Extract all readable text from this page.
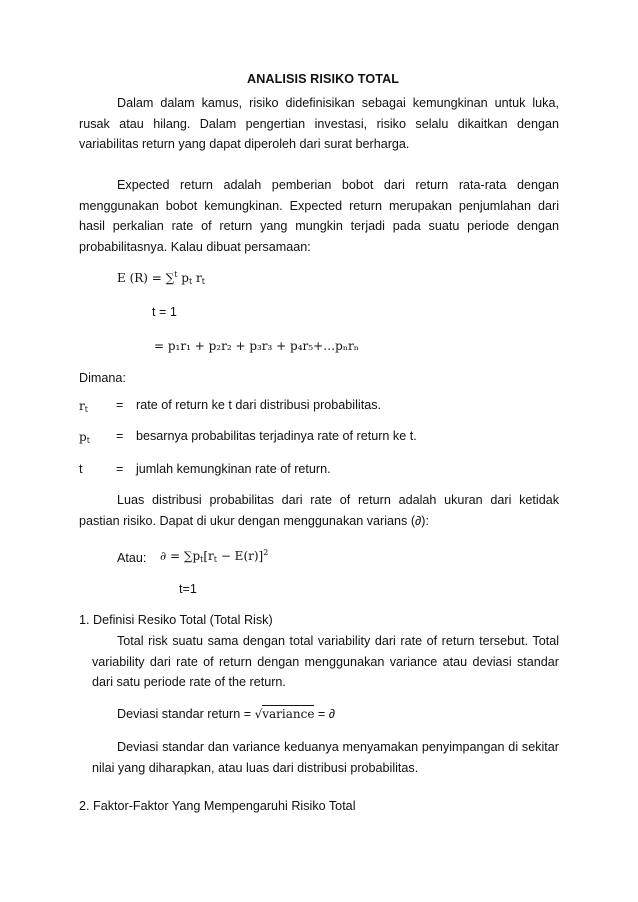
ANALISIS RISIKO TOTAL
Dalam dalam kamus, risiko didefinisikan sebagai kemungkinan untuk luka, rusak atau hilang. Dalam pengertian investasi, risiko selalu dikaitkan dengan variabilitas return yang dapat diperoleh dari surat berharga.
Expected return adalah pemberian bobot dari return rata-rata dengan menggunakan bobot kemungkinan. Expected return merupakan penjumlahan dari hasil perkalian rate of return yang mungkin terjadi pada suatu periode dengan probabilitasnya. Kalau dibuat persamaan:
E (R) = ∑$^t$ $p_t$ $r_t$
t = 1
= p₁r₁ + p₂r₂ + p₃r₃ + p₄r₅+…pₙrₙ
Dimana:
$r_t$ = rate of return ke t dari distribusi probabilitas.
$p_t$ = besarnya probabilitas terjadinya rate of return ke t.
t	= jumlah kemungkinan rate of return.
Luas distribusi probabilitas dari rate of return adalah ukuran dari ketidak pastian risiko. Dapat di ukur dengan menggunakan varians (∂):
Atau: ∂ = $\sum p_t[r_t - E(r)]^2$
t=1
1. Definisi Resiko Total (Total Risk)
Total risk suatu sama dengan total variability dari rate of return tersebut. Total variability dari rate of return dengan menggunakan variance atau deviasi standar dari satu periode rate of the return.
Deviasi standar return = √variance = ∂
Deviasi standar dan variance keduanya menyamakan penyimpangan di sekitar nilai yang diharapkan, atau luas dari distribusi probabilitas.
2. Faktor-Faktor Yang Mempengaruhi Risiko Total
